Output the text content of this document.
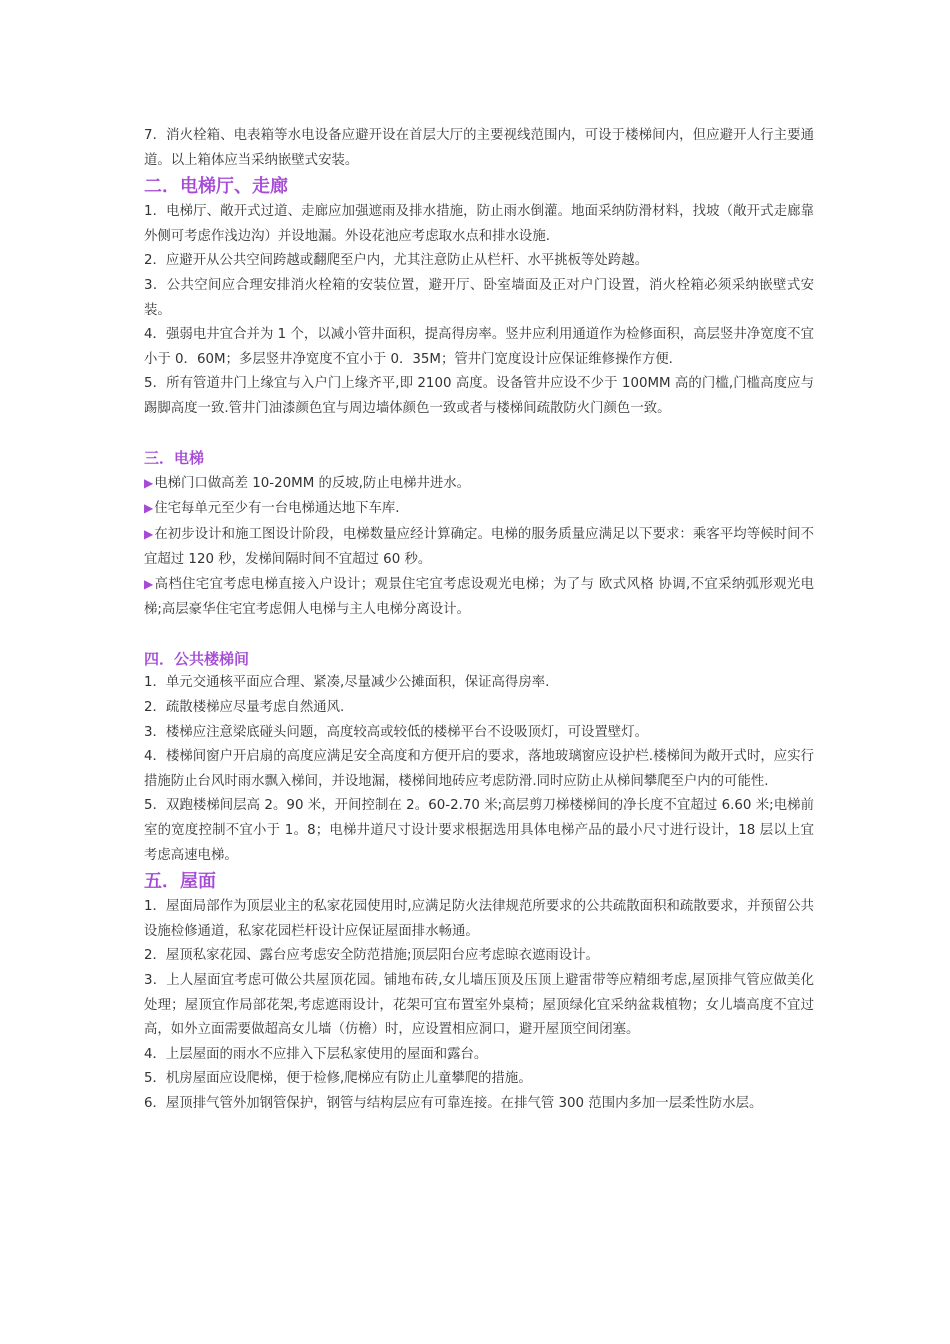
7．消火栓箱、电表箱等水电设备应避开设在首层大厅的主要视线范围内，可设于楼梯间内，但应避开人行主要通道。以上箱体应当采纳嵌壁式安装。

二．电梯厅、走廊

1．电梯厅、敞开式过道、走廊应加强遮雨及排水措施，防止雨水倒灌。地面采纳防滑材料，找坡（敞开式走廊靠外侧可考虑作浅边沟）并设地漏。外设花池应考虑取水点和排水设施.

2．应避开从公共空间跨越或翻爬至户内，尤其注意防止从栏杆、水平挑板等处跨越。

3．公共空间应合理安排消火栓箱的安装位置，避开厅、卧室墙面及正对户门设置，消火栓箱必须采纳嵌壁式安装。

4．强弱电井宜合并为 1 个，以减小管井面积，提高得房率。竖井应利用通道作为检修面积，高层竖井净宽度不宜小于 0．60M；多层竖井净宽度不宜小于 0．35M；管井门宽度设计应保证维修操作方便.

5．所有管道井门上缘宜与入户门上缘齐平,即 2100 高度。设备管井应设不少于 100MM 高的门槛,门槛高度应与踢脚高度一致.管井门油漆颜色宜与周边墙体颜色一致或者与楼梯间疏散防火门颜色一致。

三．电梯

▶电梯门口做高差 10-20MM 的反坡,防止电梯井进水。

▶住宅每单元至少有一台电梯通达地下车库.

▶在初步设计和施工图设计阶段，电梯数量应经计算确定。电梯的服务质量应满足以下要求：乘客平均等候时间不宜超过 120 秒，发梯间隔时间不宜超过 60 秒。

▶高档住宅宜考虑电梯直接入户设计；观景住宅宜考虑设观光电梯；为了与 欧式风格 协调,不宜采纳弧形观光电梯;高层豪华住宅宜考虑佣人电梯与主人电梯分离设计。

四．公共楼梯间

1．单元交通核平面应合理、紧凑,尽量减少公摊面积，保证高得房率.

2．疏散楼梯应尽量考虑自然通风.

3．楼梯应注意梁底碰头问题，高度较高或较低的楼梯平台不设吸顶灯，可设置壁灯。

4．楼梯间窗户开启扇的高度应满足安全高度和方便开启的要求，落地玻璃窗应设护栏.楼梯间为敞开式时，应实行措施防止台风时雨水飘入梯间，并设地漏，楼梯间地砖应考虑防滑.同时应防止从梯间攀爬至户内的可能性.

5．双跑楼梯间层高 2。90 米，开间控制在 2。60-2.70 米;高层剪刀梯楼梯间的净长度不宜超过 6.60 米;电梯前室的宽度控制不宜小于 1。8；电梯井道尺寸设计要求根据选用具体电梯产品的最小尺寸进行设计，18 层以上宜考虑高速电梯。

五．屋面

1．屋面局部作为顶层业主的私家花园使用时,应满足防火法律规范所要求的公共疏散面积和疏散要求，并预留公共设施检修通道，私家花园栏杆设计应保证屋面排水畅通。

2．屋顶私家花园、露台应考虑安全防范措施;顶层阳台应考虑晾衣遮雨设计。

3．上人屋面宜考虑可做公共屋顶花园。铺地布砖,女儿墙压顶及压顶上避雷带等应精细考虑,屋顶排气管应做美化处理；屋顶宜作局部花架,考虑遮雨设计，花架可宜布置室外桌椅；屋顶绿化宜采纳盆栽植物；女儿墙高度不宜过高，如外立面需要做超高女儿墙（仿檐）时，应设置相应洞口，避开屋顶空间闭塞。

4．上层屋面的雨水不应排入下层私家使用的屋面和露台。

5．机房屋面应设爬梯，便于检修,爬梯应有防止儿童攀爬的措施。

6．屋顶排气管外加钢管保护，钢管与结构层应有可靠连接。在排气管 300 范围内多加一层柔性防水层。
